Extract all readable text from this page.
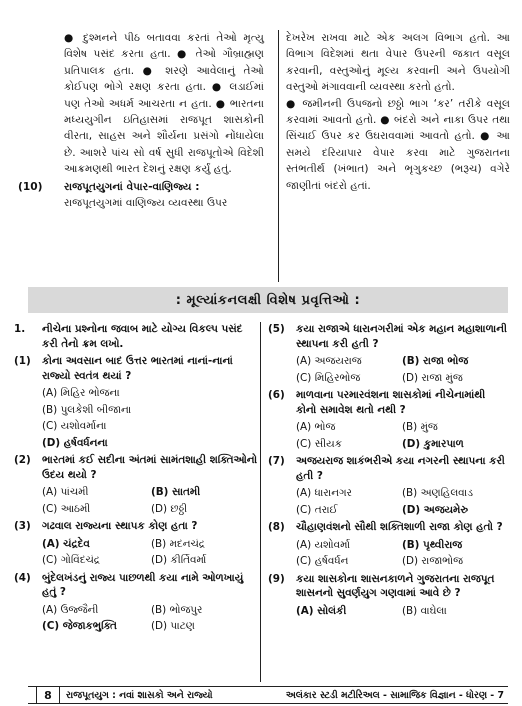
● દુશ્મનને પીઠ બતાવવા કરતાં તેઓ મૃત્યુ વિશેષ પસંદ કરતા હતા. ● તેઓ ગૌબ્રાહ્મણ પ્રતિપાલક હતા. ● શરણે આવેલાનું તેઓ કોઈપણ ભોગે રક્ષણ કરતા હતા. ● લડાઈમાં પણ તેઓ અધર્મ આચરતા ન હતા. ● ભારતના મધ્યયુગીન ઇતિહાસમાં રાજપૂત શાસકોની વીરતા, સાહસ અને શૌર્યના પ્રસંગો નોંધાયેલા છે. આશરે પાંચ સો વર્ષ સુધી રાજપૂતોએ વિદેશી આક્રમણથી ભારત દેશનું રક્ષણ કર્યું હતું.
(10) રાજપૂતયુગનાં વેપાર-વાણિજ્ય :
રાજપૂતયુગમાં વાણિજ્ય વ્યવસ્થા ઉપર
દેખરેખ રાખવા માટે એક અલગ વિભાગ હતો. આ વિભાગ વિદેશમાં થતા વેપાર ઉપરની જકાત વસૂલ કરવાની, વસ્તુઓનું મૂલ્ય કરવાની અને ઉપયોગી વસ્તુઓ મંગાવવાની વ્યવસ્થા કરતો હતો.
● જમીનની ઉપજનો છઠ્ઠો ભાગ ‘કર’ તરીકે વસૂલ કરવામાં આવતો હતો. ● બંદરો અને નાકા ઉપર તથા સિંચાઈ ઉપર કર ઉઘરાવવામાં આવતો હતો. ● આ સમયે દરિયાપાર વેપાર કરવા માટે ગુજરાતના સ્તંભતીર્થ (ખંભાત) અને ભૃગુકચ્છ (ભરૂચ) વગેરે જાણીતાં બંદરો હતાં.
: મૂલ્યાંકનલક્ષી વિશેષ પ્રવૃત્તિઓ :
1. નીચેના પ્રશ્નોના જવાબ માટે યોગ્ય વિકલ્પ પસંદ કરી તેનો ક્રમ લખો.
(1) કોના અવસાન બાદ ઉત્તર ભારતમાં નાનાં-નાનાં રાજ્યો સ્વતંત્ર થયાં ?
(A) મિહિર ભોજના
(B) પુલકેશી બીજાના
(C) યશોવર્માના
(D) હર્ષવર્ધનના
(2) ભારતમાં કઈ સદીના અંતમાં સામંતશાહી શક્તિઓનો ઉદય થયો ?
(A) પાંચમી	(B) સાતમી
(C) આઠમી	(D) છઠ્ઠી
(3) ગઢવાલ રાજ્યના સ્થાપક કોણ હતા ?
(A) ચંદ્રદેવ	(B) મદનચંદ્ર
(C) ગોવિંદચંદ્ર	(D) કીર્તિવર્મા
(4) બુંદેલખંડનું રાજ્ય પાછળથી કયા નામે ઓળખાયું હતું ?
(A) ઉજ્જૈની	(B) ભોજપુર
(C) જેજાકભુક્તિ	(D) પાટણ
(5) કયા રાજાએ ધારાનગરીમાં એક મહાન મહાશાળાની સ્થાપના કરી હતી ?
(A) અજયરાજ	(B) રાજા ભોજ
(C) મિહિરભોજ	(D) રાજા મુંજ
(6) માળવાના પરમારવંશના શાસકોમાં નીચેનામાંથી કોનો સમાવેશ થતો નથી ?
(A) ભોજ	(B) મુંજ
(C) સીયક	(D) કુમારપાળ
(7) અજયરાજ શાકંભરીએ કયા નગરની સ્થાપના કરી હતી ?
(A) ધારાનગર	(B) અણહિલવાડ
(C) તરાઈ	(D) અજયમેરુ
(8) ચૌહાણવંશનો સૌથી શક્તિશાળી રાજા કોણ હતો ?
(A) યશોવર્મા	(B) પૃથ્વીરાજ
(C) હર્ષવર્ધન	(D) રાજાભોજ
(9) કયા શાસકોના શાસનકાળને ગુજરાતના રાજપૂત શાસનનો સુવર્ણયુગ ગણવામાં આવે છે ?
(A) સોલંકી	(B) વાઘેલા
8	રાજપૂતયુગ : નવાં શાસકો અને રાજ્યો	અલંકાર સ્ટડી મટીરિઅલ - સામાજિક વિજ્ઞાન - ધોરણ - 7
